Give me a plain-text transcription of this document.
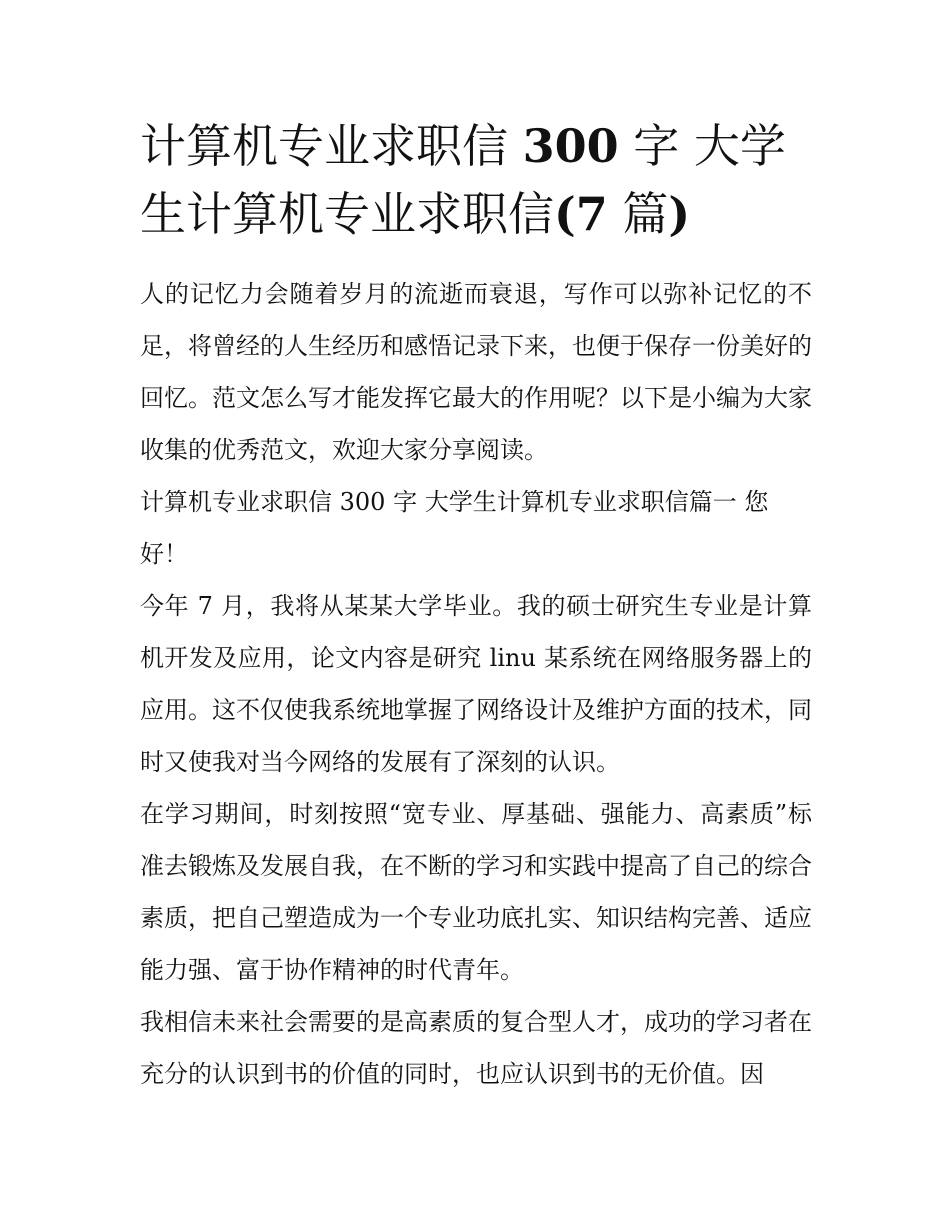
计算机专业求职信 300 字 大学生计算机专业求职信(7 篇)

人的记忆力会随着岁月的流逝而衰退，写作可以弥补记忆的不足，将曾经的人生经历和感悟记录下来，也便于保存一份美好的回忆。范文怎么写才能发挥它最大的作用呢？以下是小编为大家收集的优秀范文，欢迎大家分享阅读。

计算机专业求职信 300 字 大学生计算机专业求职信篇一 您好！

今年 7 月，我将从某某大学毕业。我的硕士研究生专业是计算机开发及应用，论文内容是研究 linu 某系统在网络服务器上的应用。这不仅使我系统地掌握了网络设计及维护方面的技术，同时又使我对当今网络的发展有了深刻的认识。

在学习期间，时刻按照“宽专业、厚基础、强能力、高素质”标准去锻炼及发展自我，在不断的学习和实践中提高了自己的综合素质，把自己塑造成为一个专业功底扎实、知识结构完善、适应能力强、富于协作精神的时代青年。

我相信未来社会需要的是高素质的复合型人才，成功的学习者在充分的认识到书的价值的同时，也应认识到书的无价值。因
